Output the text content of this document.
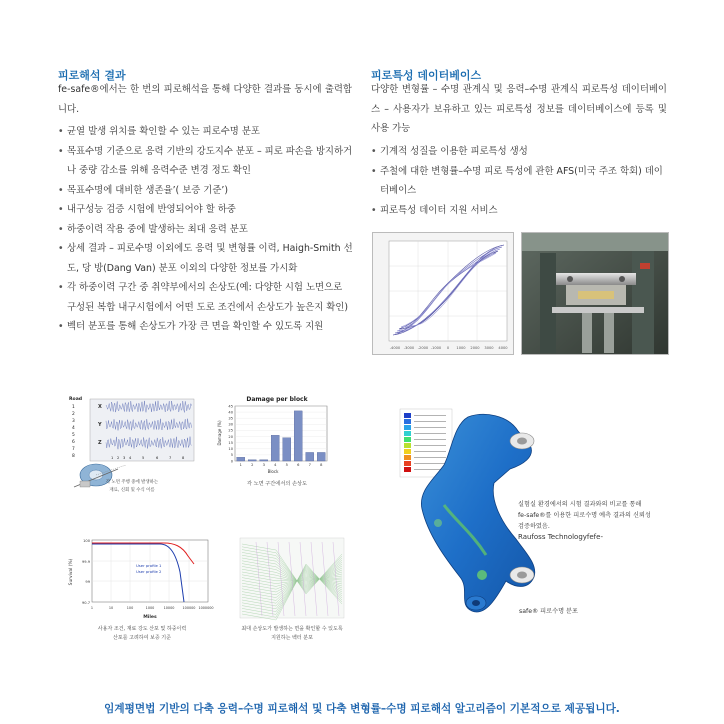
피로해석 결과

fe-safe®에서는 한 번의 피로해석을 통해 다양한 결과를 동시에 출력합니다.

• 균열 발생 위치를 확인할 수 있는 피로수명 분포
• 목표수명 기준으로 응력 기반의 강도지수 분포 – 피로 파손을 방지하거나 중량 감소를 위해 응력수준 변경 정도 확인
• 목표수명에 대비한 생존율’( 보증 기준’)
• 내구성능 검증 시험에 반영되어야 할 하중
• 하중이력 작용 중에 발생하는 최대 응력 분포
• 상세 결과 – 피로수명 이외에도 응력 및 변형률 이력, Haigh-Smith 선도, 당 방(Dang Van) 분포 이외의 다양한 정보를 가시화
• 각 하중이력 구간 중 취약부에서의 손상도(예: 다양한 시험 노면으로 구성된 복합 내구시험에서 어떤 도로 조건에서 손상도가 높은지 확인)
• 벡터 분포를 통해 손상도가 가장 큰 면을 확인할 수 있도록 지원
피로특성 데이터베이스

다양한 변형률 – 수명 관계식 및 응력–수명 관계식 피로특성 데이터베이스 – 사용자가 보유하고 있는 피로특성 정보를 데이터베이스에 등록 및 사용 가능

• 기계적 성질을 이용한 피로특성 생성
• 주철에 대한 변형률–수명 피로 특성에 관한 AFS(미국 주조 학회) 데이터베이스
• 피로특성 데이터 지원 서비스
-4000 -3000 -2000 -1000 0 1000 2000 3000 4000
Road
1
2
3
4
5
6
7
8
X
Y
Z
1 2 3 4	5	6	7	8
각 노면 주행 중에 발생하는
재료, 신회 및 수식 이름
Damage per block
Damage (%)
Block
0
5
10
15
20
25
30
35
40
45
1	2	3	4	5	6	7	8
각 노면 구간에서의 손상도
Survival (%)
100
99.9
99
90.7
1	10	100	1000	10000 100000 1000000
Miles
User profile 1
User profile 2
사용자 조건, 재료 강도 산포 및 하중이력
산포를 고려하여 보증 기준
최대 손상도가 발생하는 면을 확인할 수 있도록
지원하는 벡터 분포
실험실 환경에서의 시험 결과와의 비교를 통해
fe-safe®를 이용한 피로수명 예측 결과의 신뢰성
검증하였음.
Raufoss Technologyfefe-
safe® 피로수명 분포
임계평면법 기반의 다축 응력–수명 피로해석 및 다축 변형률–수명 피로해석 알고리즘이 기본적으로 제공됩니다.
